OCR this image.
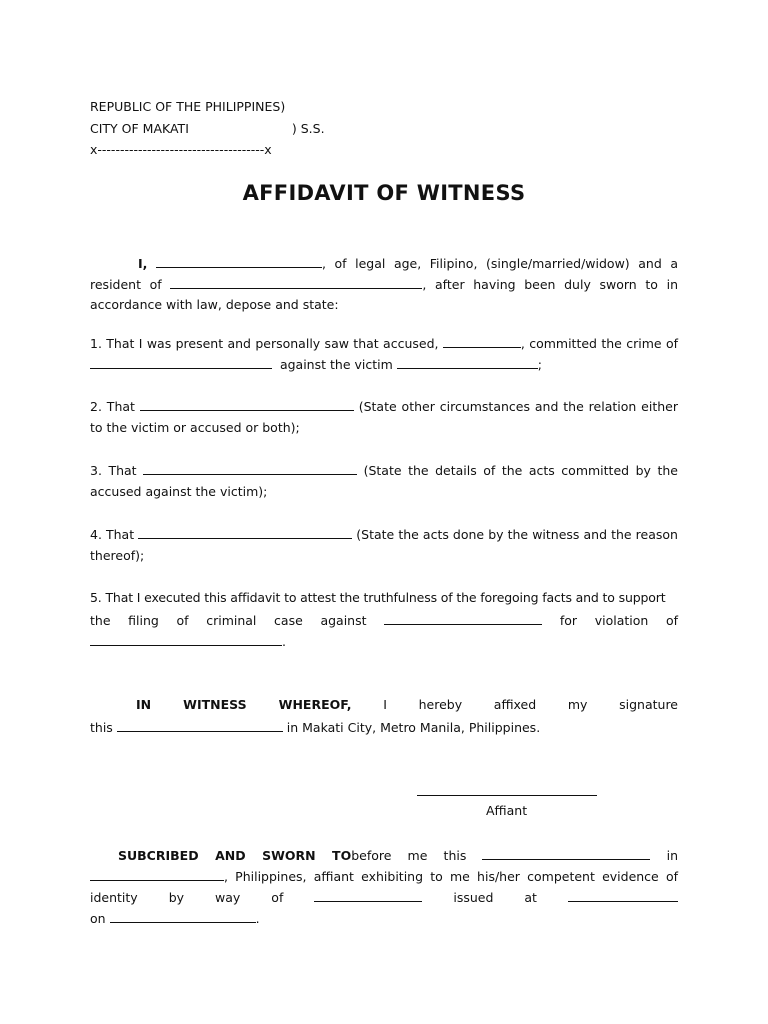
REPUBLIC OF THE PHILIPPINES)
CITY OF MAKATI	) S.S.
x-------------------------------------x
AFFIDAVIT OF WITNESS
I,	, of legal age, Filipino, (single/married/widow) and a
resident of	, after having been duly sworn to in
accordance with law, depose and state:
1. That I was present and personally saw that accused,	, committed the crime of
against the victim	;
2. That	(State other circumstances and the relation either
to the victim or accused or both);
3. That	(State the details of the acts committed by the
accused against the victim);
4. That	(State the acts done by the witness and the reason
thereof);
5. That I executed this affidavit to attest the truthfulness of the foregoing facts and to support
the filing of criminal case against	for violation of
.
IN WITNESS WHEREOF,	I hereby affixed my signature
this	in Makati City, Metro Manila, Philippines.
Affiant
SUBCRIBED AND SWORN TObefore me this	in
, Philippines, affiant exhibiting to me his/her competent evidence of
identity by way of	issued at
on	.
